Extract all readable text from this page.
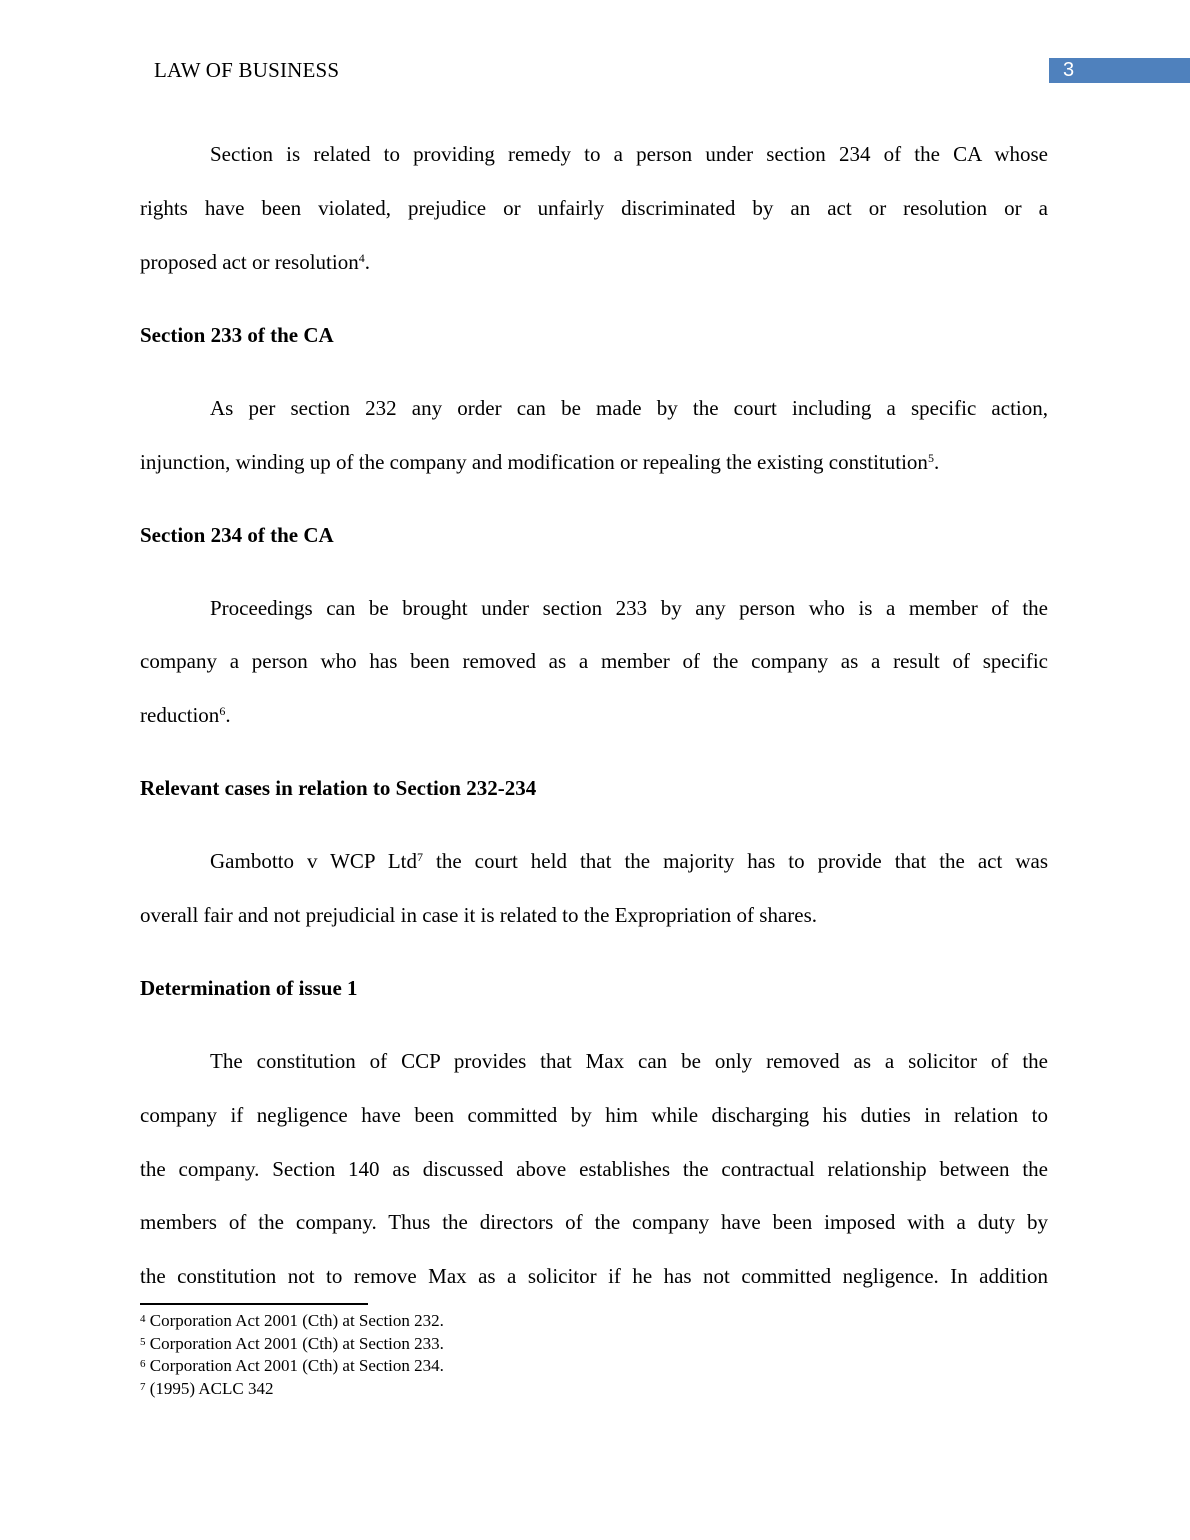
LAW OF BUSINESS	3
Section is related to providing remedy to a person under section 234 of the CA whose
rights have been violated, prejudice or unfairly discriminated by an act or resolution or a
proposed act or resolution$^4$.
Section 233 of the CA
As per section 232 any order can be made by the court including a specific action,
injunction, winding up of the company and modification or repealing the existing constitution$^5$.
Section 234 of the CA
Proceedings can be brought under section 233 by any person who is a member of the
company a person who has been removed as a member of the company as a result of specific
reduction$^6$.
Relevant cases in relation to Section 232-234
Gambotto v WCP Ltd$^7$ the court held that the majority has to provide that the act was
overall fair and not prejudicial in case it is related to the Expropriation of shares.
Determination of issue 1
The constitution of CCP provides that Max can be only removed as a solicitor of the
company if negligence have been committed by him while discharging his duties in relation to
the company. Section 140 as discussed above establishes the contractual relationship between the
members of the company. Thus the directors of the company have been imposed with a duty by
the constitution not to remove Max as a solicitor if he has not committed negligence. In addition
$^4$ Corporation Act 2001 (Cth) at Section 232.
$^5$ Corporation Act 2001 (Cth) at Section 233.
$^6$ Corporation Act 2001 (Cth) at Section 234.
$^7$ (1995) ACLC 342
